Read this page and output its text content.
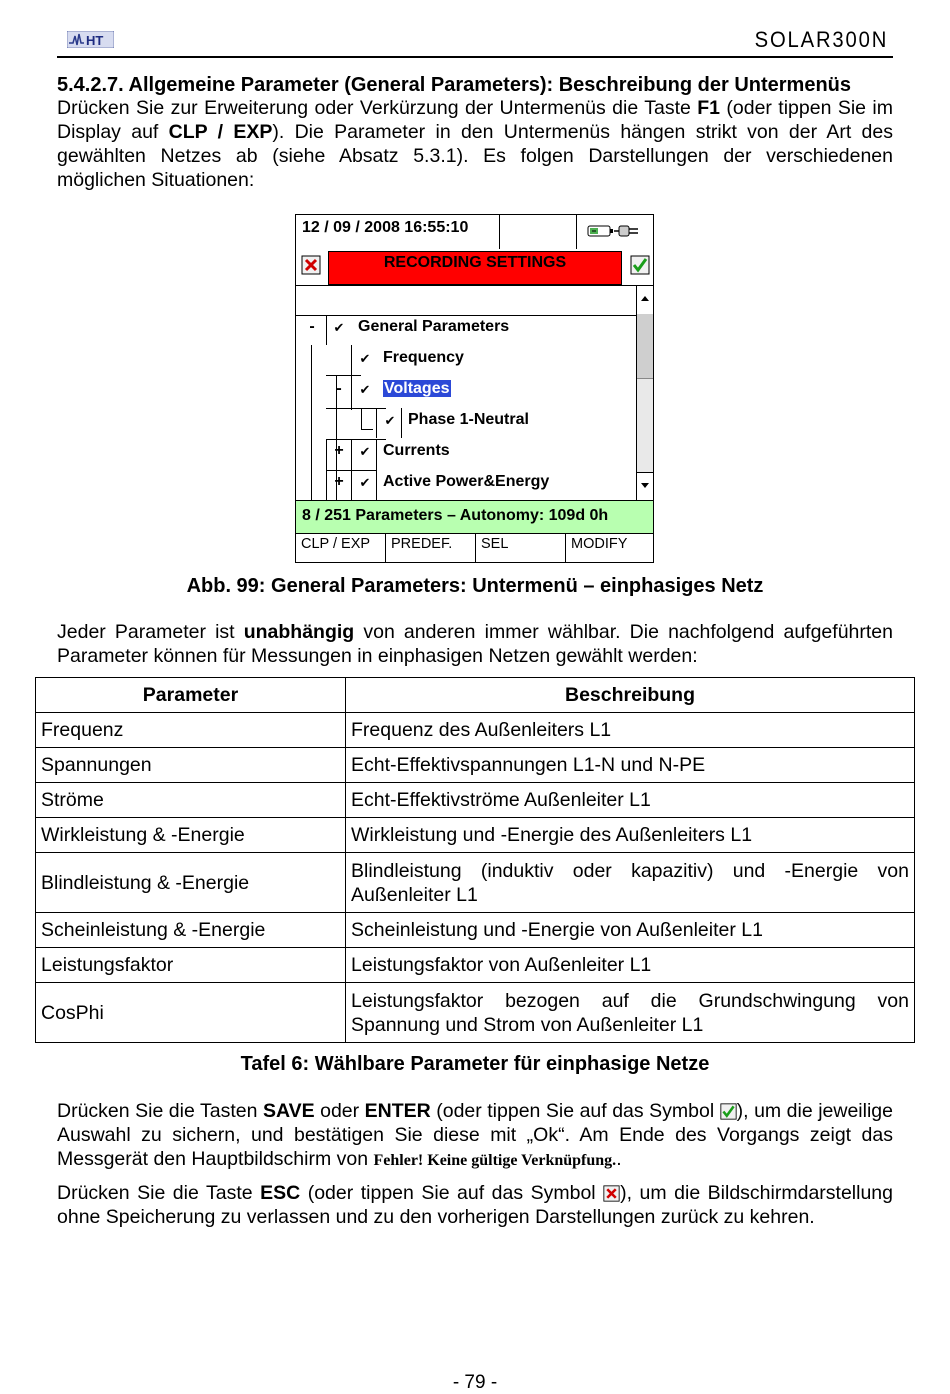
HT	SOLAR300N
5.4.2.7. Allgemeine Parameter (General Parameters): Beschreibung der Untermenüs

Drücken Sie zur Erweiterung oder Verkürzung der Untermenüs die Taste F1 (oder tippen Sie im Display auf CLP / EXP). Die Parameter in den Untermenüs hängen strikt von der Art des gewählten Netzes ab (siehe Absatz 5.3.1). Es folgen Darstellungen der verschiedenen möglichen Situationen:

12 / 09 / 2008 16:55:10
RECORDING SETTINGS
-	✔ General Parameters
✔ Frequency
-	✔ Voltages
✔ Phase 1-Neutral
+	✔ Currents
+	✔ Active Power&Energy
8 / 251 Parameters – Autonomy: 109d 0h
CLP / EXP	PREDEF.	SEL	MODIFY
Abb. 99: General Parameters: Untermenü – einphasiges Netz

Jeder Parameter ist unabhängig von anderen immer wählbar. Die nachfolgend aufgeführten Parameter können für Messungen in einphasigen Netzen gewählt werden:

Parameter	Beschreibung
Frequenz	Frequenz des Außenleiters L1
Spannungen	Echt-Effektivspannungen L1-N und N-PE
Ströme	Echt-Effektivströme Außenleiter L1
Wirkleistung & -Energie	Wirkleistung und -Energie des Außenleiters L1
Blindleistung & -Energie	Blindleistung (induktiv oder kapazitiv) und -Energie von Außenleiter L1
Scheinleistung & -Energie	Scheinleistung und -Energie von Außenleiter L1
Leistungsfaktor	Leistungsfaktor von Außenleiter L1
CosPhi	Leistungsfaktor bezogen auf die Grundschwingung von Spannung und Strom von Außenleiter L1
Tafel 6: Wählbare Parameter für einphasige Netze

Drücken Sie die Tasten SAVE oder ENTER (oder tippen Sie auf das Symbol ), um die jeweilige Auswahl zu sichern, und bestätigen Sie diese mit „Ok“. Am Ende des Vorgangs zeigt das Messgerät den Hauptbildschirm von Fehler! Keine gültige Verknüpfung..

Drücken Sie die Taste ESC (oder tippen Sie auf das Symbol ), um die Bildschirmdarstellung ohne Speicherung zu verlassen und zu den vorherigen Darstellungen zurück zu kehren.

- 79 -
